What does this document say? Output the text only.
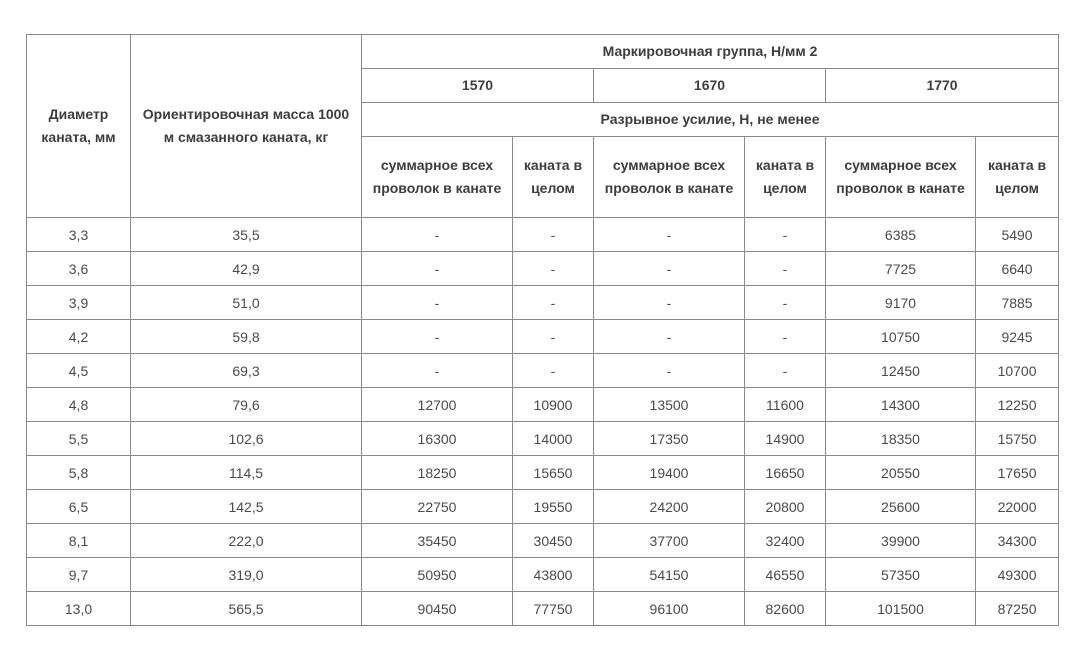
Диаметр каната, мм	Ориентировочная масса 1000 м смазанного каната, кг	Маркировочная группа, Н/мм 2					
		1570		1670		1770	
		Разрывное усилие, Н, не менее					
		суммарное всех проволок в канате	каната в целом	суммарное всех проволок в канате	каната в целом	суммарное всех проволок в канате	каната в целом
3,3	35,5	-	-	-	-	6385	5490
3,6	42,9	-	-	-	-	7725	6640
3,9	51,0	-	-	-	-	9170	7885
4,2	59,8	-	-	-	-	10750	9245
4,5	69,3	-	-	-	-	12450	10700
4,8	79,6	12700	10900	13500	11600	14300	12250
5,5	102,6	16300	14000	17350	14900	18350	15750
5,8	114,5	18250	15650	19400	16650	20550	17650
6,5	142,5	22750	19550	24200	20800	25600	22000
8,1	222,0	35450	30450	37700	32400	39900	34300
9,7	319,0	50950	43800	54150	46550	57350	49300
13,0	565,5	90450	77750	96100	82600	101500	87250
